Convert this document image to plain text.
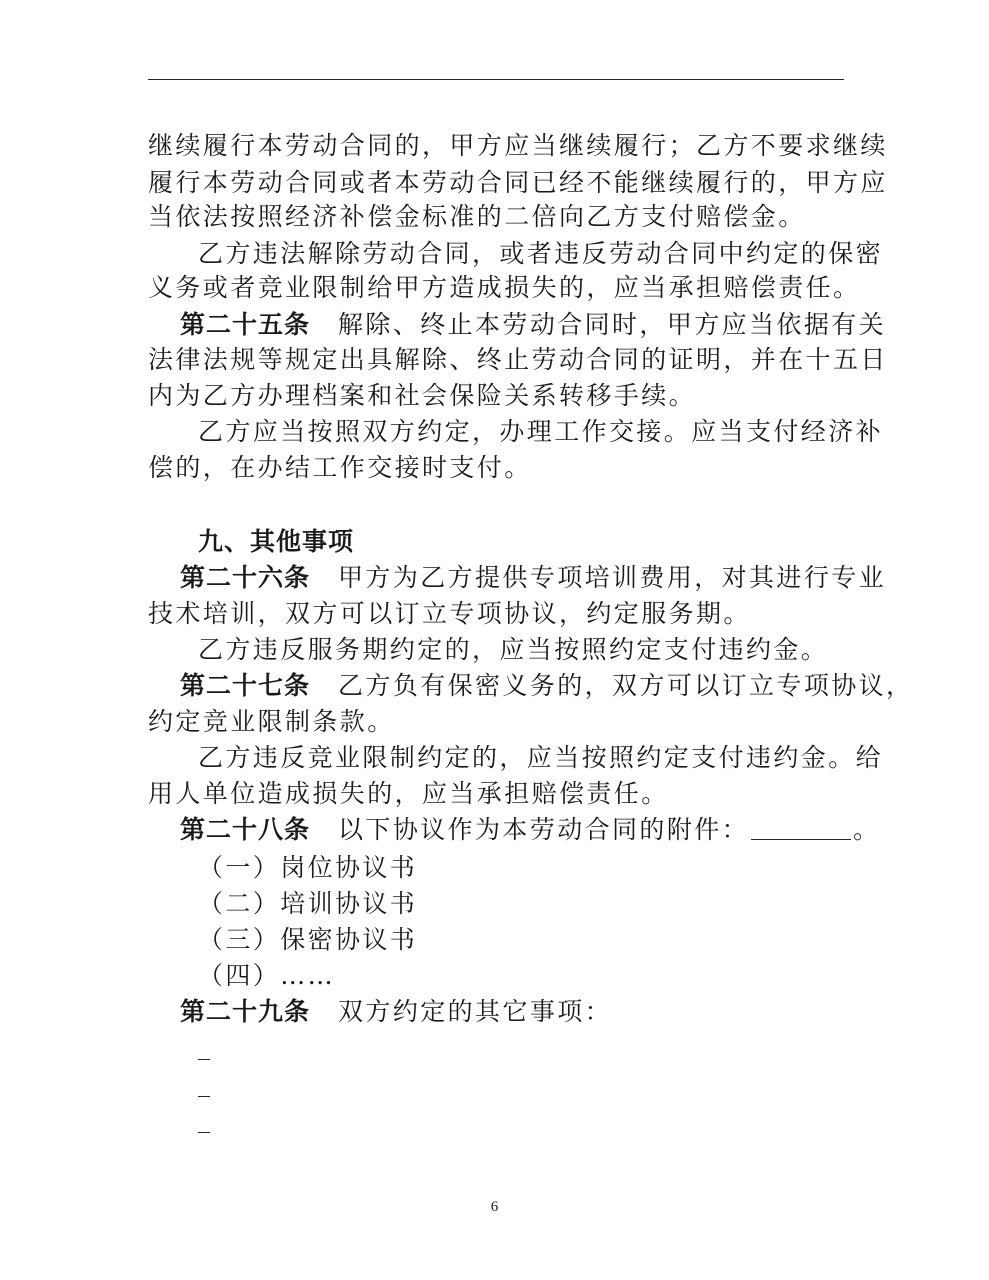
继续履行本劳动合同的，甲方应当继续履行；乙方不要求继续
履行本劳动合同或者本劳动合同已经不能继续履行的，甲方应
当依法按照经济补偿金标准的二倍向乙方支付赔偿金。
乙方违法解除劳动合同，或者违反劳动合同中约定的保密
义务或者竞业限制给甲方造成损失的，应当承担赔偿责任。
第二十五条 解除、终止本劳动合同时，甲方应当依据有关
法律法规等规定出具解除、终止劳动合同的证明，并在十五日
内为乙方办理档案和社会保险关系转移手续。
乙方应当按照双方约定，办理工作交接。应当支付经济补
偿的，在办结工作交接时支付。
九、其他事项
第二十六条 甲方为乙方提供专项培训费用，对其进行专业
技术培训，双方可以订立专项协议，约定服务期。
乙方违反服务期约定的，应当按照约定支付违约金。
第二十七条 乙方负有保密义务的，双方可以订立专项协议，
约定竞业限制条款。
乙方违反竞业限制约定的，应当按照约定支付违约金。给
用人单位造成损失的，应当承担赔偿责任。
第二十八条 以下协议作为本劳动合同的附件：	。
（一）岗位协议书
（二）培训协议书
（三）保密协议书
（四）……
第二十九条 双方约定的其它事项：
6
